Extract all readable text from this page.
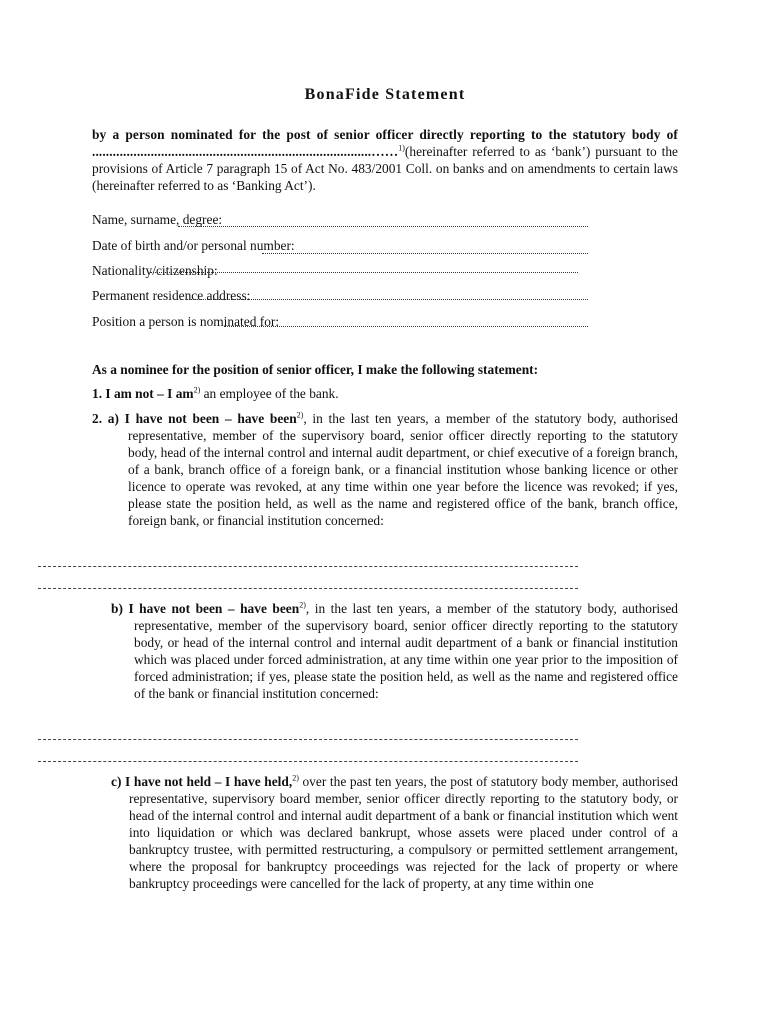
BonaFide Statement
by a person nominated for the post of senior officer directly reporting to the statutory body of .................................................................................……$^{1)}$(hereinafter referred to as ‘bank’) pursuant to the provisions of Article 7 paragraph 15 of Act No. 483/2001 Coll. on banks and on amendments to certain laws (hereinafter referred to as ‘Banking Act’).
Name, surname, degree:
Date of birth and/or personal number:
Nationality/citizenship:
Permanent residence address:
Position a person is nominated for:
As a nominee for the position of senior officer, I make the following statement:
1. I am not – I $am^{2)}$ an employee of the bank.
2. a) I have not been – have been$^{2)}$, in the last ten years, a member of the statutory body, authorised representative, member of the supervisory board, senior officer directly reporting to the statutory body, head of the internal control and internal audit department, or chief executive of a foreign branch, of a bank, branch office of a foreign bank, or a financial institution whose banking licence or other licence to operate was revoked, at any time within one year before the licence was revoked; if yes, please state the position held, as well as the name and registered office of the bank, branch office, foreign bank, or financial institution concerned:
b) I have not been – have been$^{2)}$, in the last ten years, a member of the statutory body, authorised representative, member of the supervisory board, senior officer directly reporting to the statutory body, or head of the internal control and internal audit department of a bank or financial institution which was placed under forced administration, at any time within one year prior to the imposition of forced administration; if yes, please state the position held, as well as the name and registered office of the bank or financial institution concerned:
c) I have not held – I have held,$^{2)}$ over the past ten years, the post of statutory body member, authorised representative, supervisory board member, senior officer directly reporting to the statutory body, or head of the internal control and internal audit department of a bank or financial institution which went into liquidation or which was declared bankrupt, whose assets were placed under control of a bankruptcy trustee, with permitted restructuring, a compulsory or permitted settlement arrangement, where the proposal for bankruptcy proceedings was rejected for the lack of property or where bankruptcy proceedings were cancelled for the lack of property, at any time within one
